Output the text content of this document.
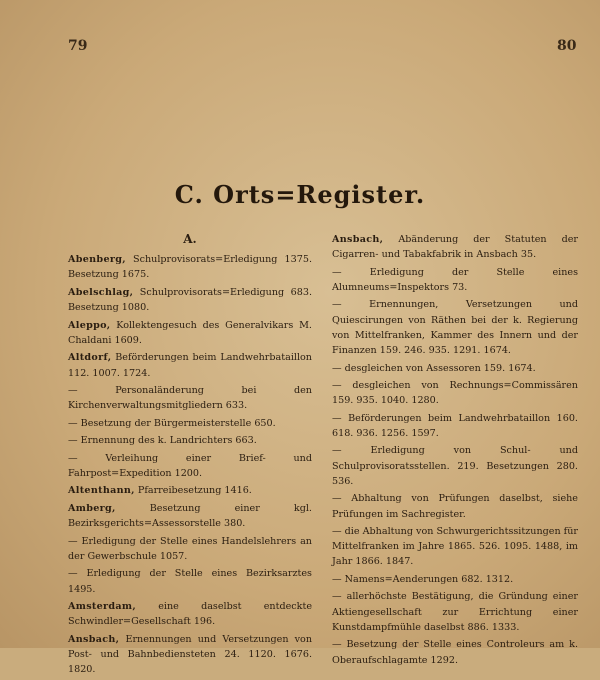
79	80
C. Orts=Register.
A.
Abenberg, Schulprovisorats=Erledigung 1375. Besetzung 1675.
Abelschlag, Schulprovisorats=Erledigung 683. Besetzung 1080.
Aleppo, Kollektengesuch des Generalvikars M. Chaldani 1609.
Altdorf, Beförderungen beim Landwehrbataillon 112. 1007. 1724.
— Personaländerung bei den Kirchenverwaltungsmitgliedern 633.
— Besetzung der Bürgermeisterstelle 650.
— Ernennung des k. Landrichters 663.
— Verleihung einer Brief- und Fahrpost=Expedition 1200.
Altenthann, Pfarreibesetzung 1416.
Amberg,	Besetzung einer kgl. Bezirksgerichts=Assessorstelle 380.
— Erledigung der Stelle eines Handelslehrers an der Gewerbschule 1057.
— Erledigung der Stelle eines Bezirksarztes 1495.
Amsterdam, eine daselbst entdeckte Schwindler=Gesellschaft 196.
Ansbach, Ernennungen und Versetzungen von Post- und Bahnbediensteten 24. 1120. 1676. 1820.
Ansbach, Abänderung der Statuten der Cigarren- und Tabakfabrik in Ansbach 35.
— Erledigung der Stelle eines Alumneums=Inspektors 73.
— Ernennungen, Versetzungen und Quiescirungen von Räthen bei der k. Regierung von Mittelfranken, Kammer des Innern und der Finanzen 159. 246. 935. 1291. 1674.
— desgleichen von Assessoren 159. 1674.
— desgleichen von Rechnungs=Commissären 159. 935. 1040. 1280.
— Beförderungen beim Landwehrbataillon 160. 618. 936. 1256. 1597.
— Erledigung von Schul- und Schulprovisoratsstellen. 219. Besetzungen 280. 536.
— Abhaltung von Prüfungen daselbst, siehe Prüfungen im Sachregister.
— die Abhaltung von Schwurgerichtssitzungen für Mittelfranken im Jahre 1865. 526. 1095. 1488, im Jahr 1866. 1847.
— Namens=Aenderungen 682. 1312.
— allerhöchste Bestätigung, die Gründung einer Aktiengesellschaft zur Errichtung einer Kunstdampfmühle daselbst 886. 1333.
— Besetzung der Stelle eines Controleurs am k. Oberaufschlagamte 1292.
